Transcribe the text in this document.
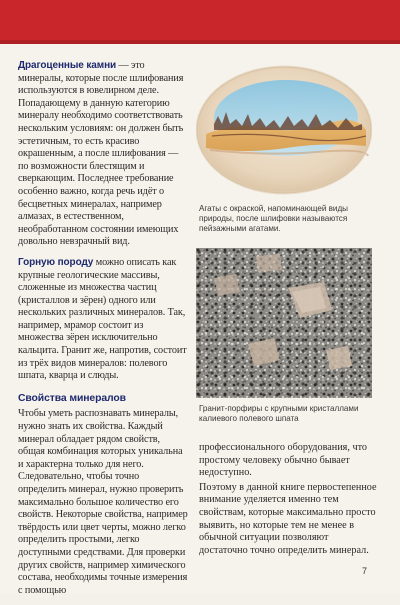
Драгоценные камни — это минералы, которые после шлифования используются в ювелирном деле. Попадающему в данную категорию минералу необходимо соответствовать нескольким условиям: он должен быть эстетичным, то есть красиво окрашенным, а после шлифования — по возможности блестящим и сверкающим. Последнее требование особенно важно, когда речь идёт о бесцветных минералах, например алмазах, в естественном, необработанном состоянии имеющих довольно невзрачный вид.

Горную породу можно описать как крупные геологические массивы, сложенные из множества частиц (кристаллов и зёрен) одного или нескольких различных минералов. Так, например, мрамор состоит из множества зёрен исключительно кальцита. Гранит же, напротив, состоит из трёх видов минералов: полевого шпата, кварца и слюды.

Свойства минералов

Чтобы уметь распознавать минералы, нужно знать их свойства. Каждый минерал обладает рядом свойств, общая комбинация которых уникальна и характерна только для него. Следовательно, чтобы точно определить минерал, нужно проверить максимально большое количество его свойств. Некоторые свойства, например твёрдость или цвет черты, можно легко определить простыми, легко доступными средствами. Для проверки других свойств, например химического состава, необходимы точные измерения с помощью

Агаты с окраской, напоминающей виды природы, после шлифовки называются пейзажными агатами.
Гранит-порфиры с крупными кристаллами калиевого полевого шпата

профессионального оборудования, что простому человеку обычно бывает недоступно.

Поэтому в данной книге первостепенное внимание уделяется именно тем свойствам, которые максимально просто выявить, но которые тем не менее в обычной ситуации позволяют достаточно точно определить минерал.

7
